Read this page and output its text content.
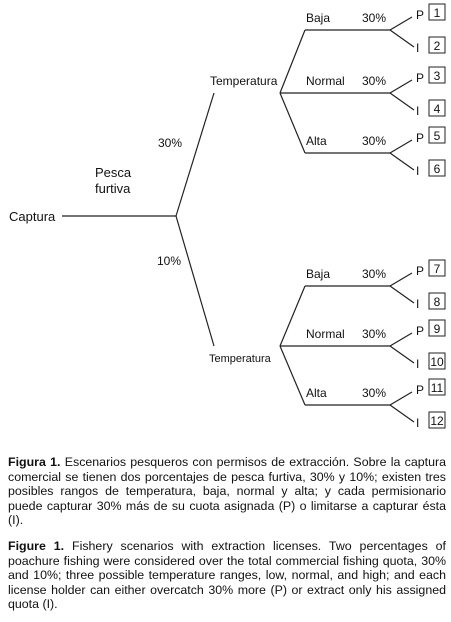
Baja	30% P
I
1
2
Normal 30% P
I
3
4
Alta	30% P
I
5
6
Baja	30% P
I
7
8
Normal 30% P
I
9
10
Alta	30% P
I
11
12
Captura
Pesca
furtiva
30%
10%
Temperatura
Temperatura
Figura 1. Escenarios pesqueros con permisos de extracción. Sobre la captura comercial se tienen dos porcentajes de pesca furtiva, 30% y 10%; existen tres posibles rangos de temperatura, baja, normal y alta; y cada permisionario puede capturar 30% más de su cuota asignada (P) o limitarse a capturar ésta (I).
Figure 1. Fishery scenarios with extraction licenses. Two percentages of poachure fishing were considered over the total commercial fishing quota, 30% and 10%; three possible temperature ranges, low, normal, and high; and each license holder can either overcatch 30% more (P) or extract only his assigned quota (I).
